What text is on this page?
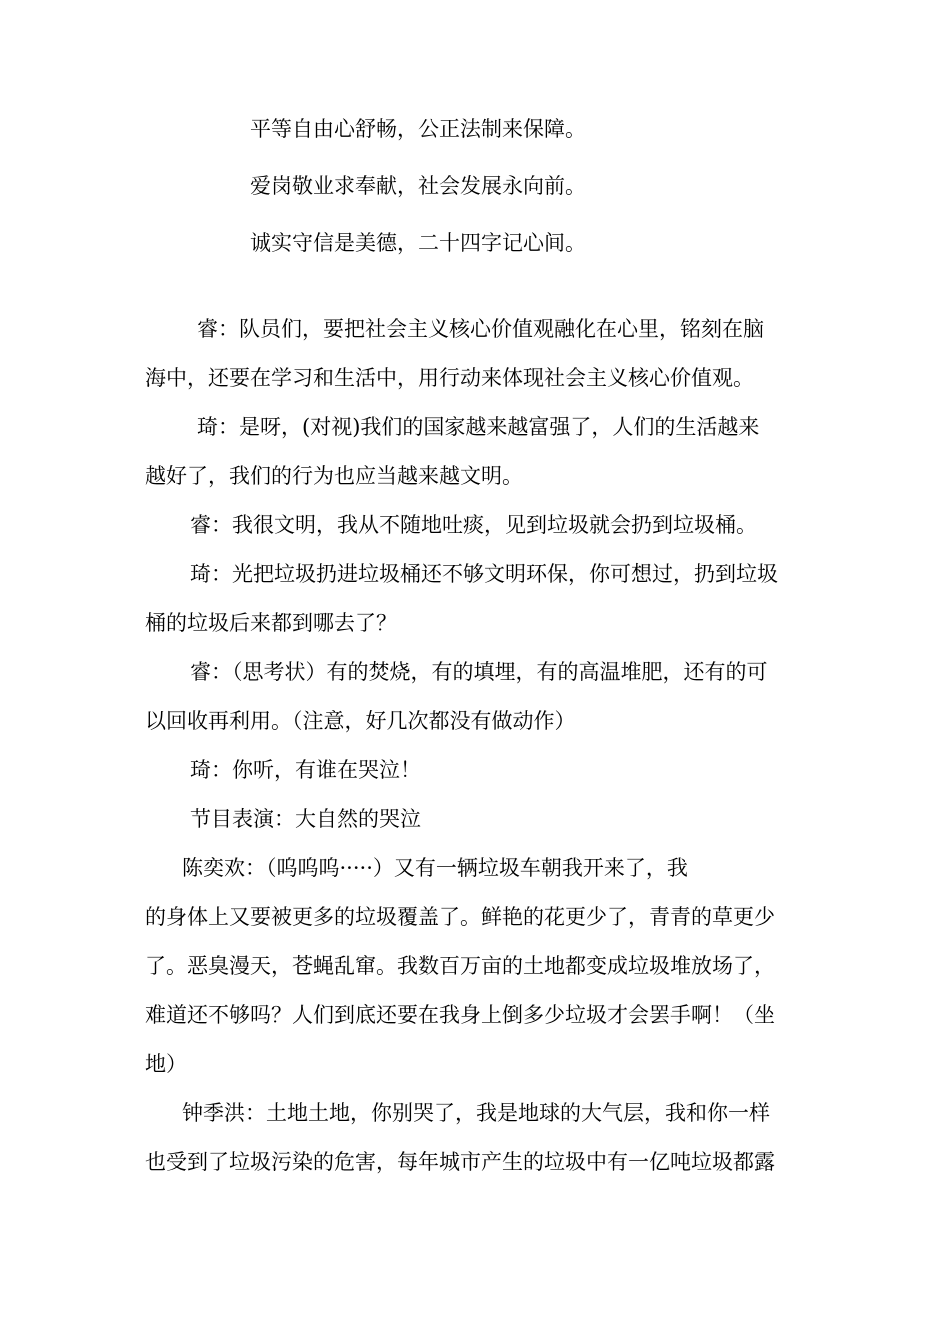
平等自由心舒畅，公正法制来保障。
爱岗敬业求奉献，社会发展永向前。
诚实守信是美德，二十四字记心间。

睿：队员们，要把社会主义核心价值观融化在心里，铭刻在脑
海中，还要在学习和生活中，用行动来体现社会主义核心价值观。

琦：是呀，(对视)我们的国家越来越富强了，人们的生活越来
越好了，我们的行为也应当越来越文明。

睿：我很文明，我从不随地吐痰，见到垃圾就会扔到垃圾桶。

琦：光把垃圾扔进垃圾桶还不够文明环保，你可想过，扔到垃圾
桶的垃圾后来都到哪去了？

睿：（思考状）有的焚烧，有的填埋，有的高温堆肥，还有的可
以回收再利用。（注意，好几次都没有做动作）

琦：你听，有谁在哭泣！

节目表演：大自然的哭泣

陈奕欢：（呜呜呜·····）又有一辆垃圾车朝我开来了，我
的身体上又要被更多的垃圾覆盖了。鲜艳的花更少了，青青的草更少
了。恶臭漫天，苍蝇乱窜。我数百万亩的土地都变成垃圾堆放场了，
难道还不够吗？人们到底还要在我身上倒多少垃圾才会罢手啊！（坐
地）

钟季洪：土地土地，你别哭了，我是地球的大气层，我和你一样
也受到了垃圾污染的危害，每年城市产生的垃圾中有一亿吨垃圾都露
